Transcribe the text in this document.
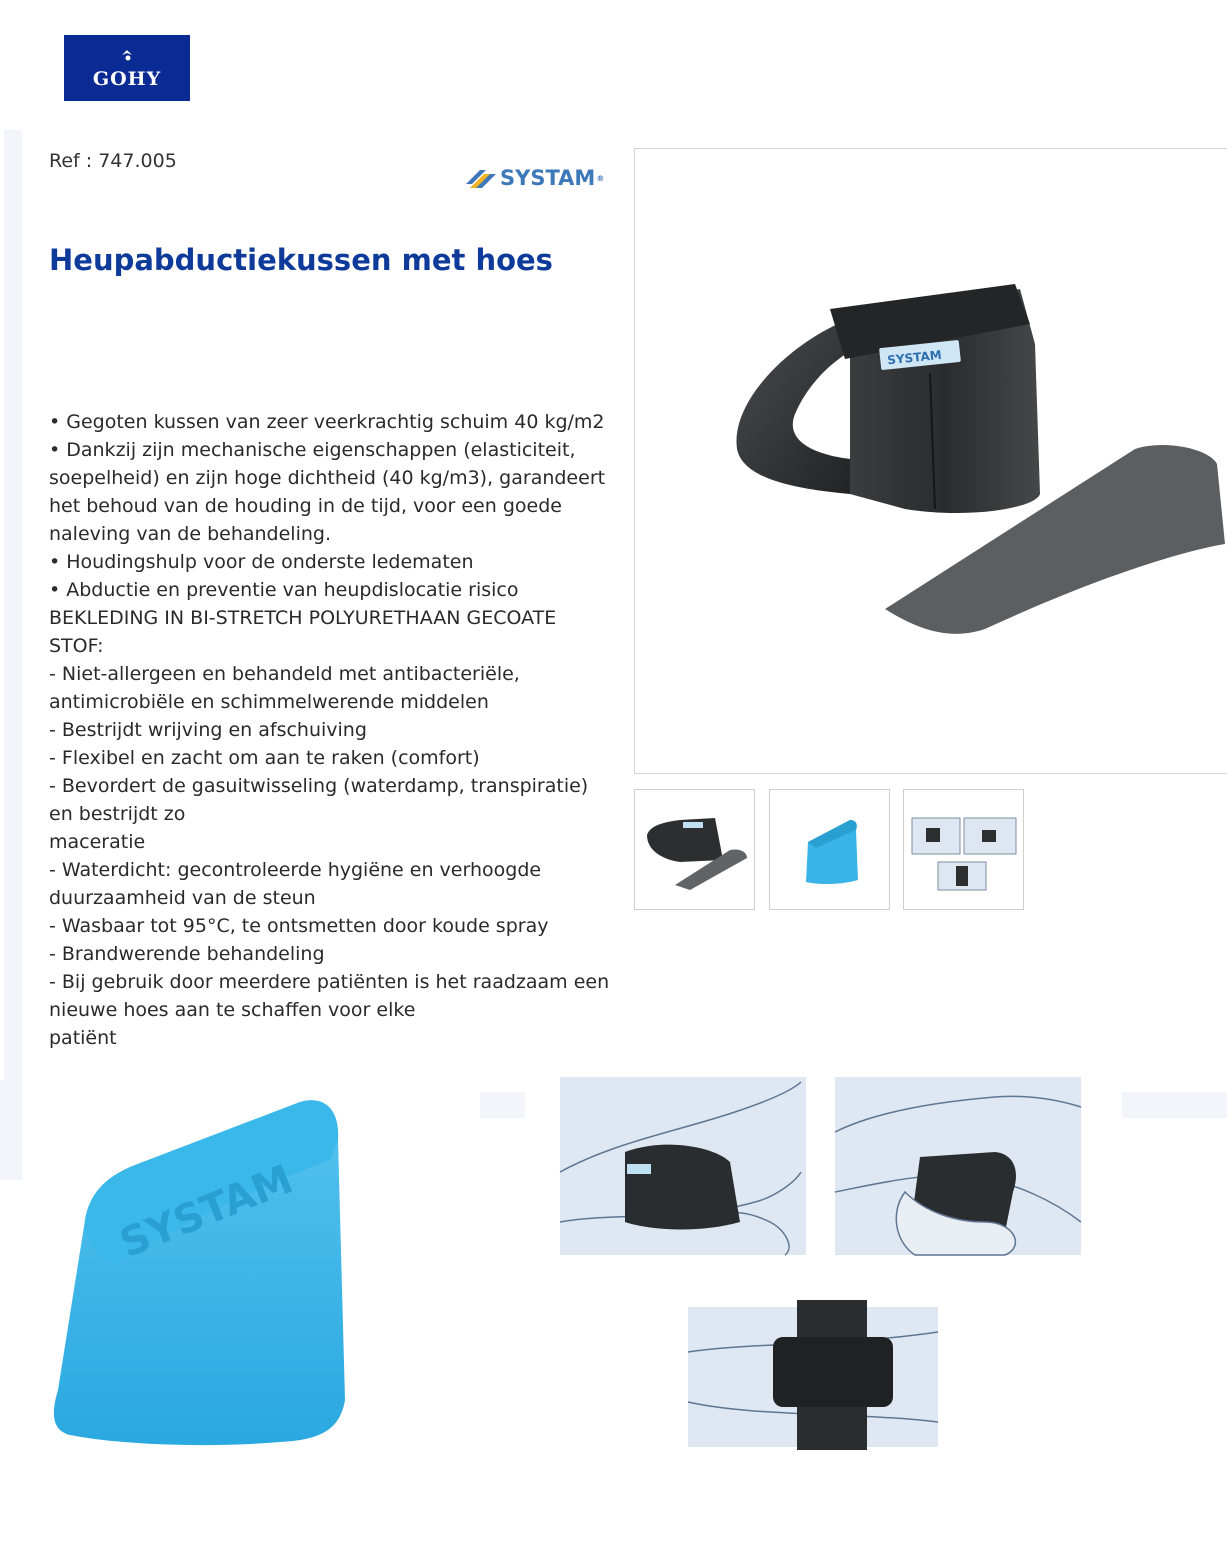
GOHY
Ref : 747.005
SYSTAM ®
Heupabductiekussen met hoes
• Gegoten kussen van zeer veerkrachtig schuim 40 kg/m2
• Dankzij zijn mechanische eigenschappen (elasticiteit,
soepelheid) en zijn hoge dichtheid (40 kg/m3), garandeert
het behoud van de houding in de tijd, voor een goede
naleving van de behandeling.
• Houdingshulp voor de onderste ledematen
• Abductie en preventie van heupdislocatie risico
BEKLEDING IN BI-STRETCH POLYURETHAAN GECOATE
STOF:
- Niet-allergeen en behandeld met antibacteriële,
antimicrobiële en schimmelwerende middelen
- Bestrijdt wrijving en afschuiving
- Flexibel en zacht om aan te raken (comfort)
- Bevordert de gasuitwisseling (waterdamp, transpiratie)
en bestrijdt zo
maceratie
- Waterdicht: gecontroleerde hygiëne en verhoogde
duurzaamheid van de steun
- Wasbaar tot 95°C, te ontsmetten door koude spray
- Brandwerende behandeling
- Bij gebruik door meerdere patiënten is het raadzaam een
nieuwe hoes aan te schaffen voor elke
patiënt
SYSTAM
SYSTAM
